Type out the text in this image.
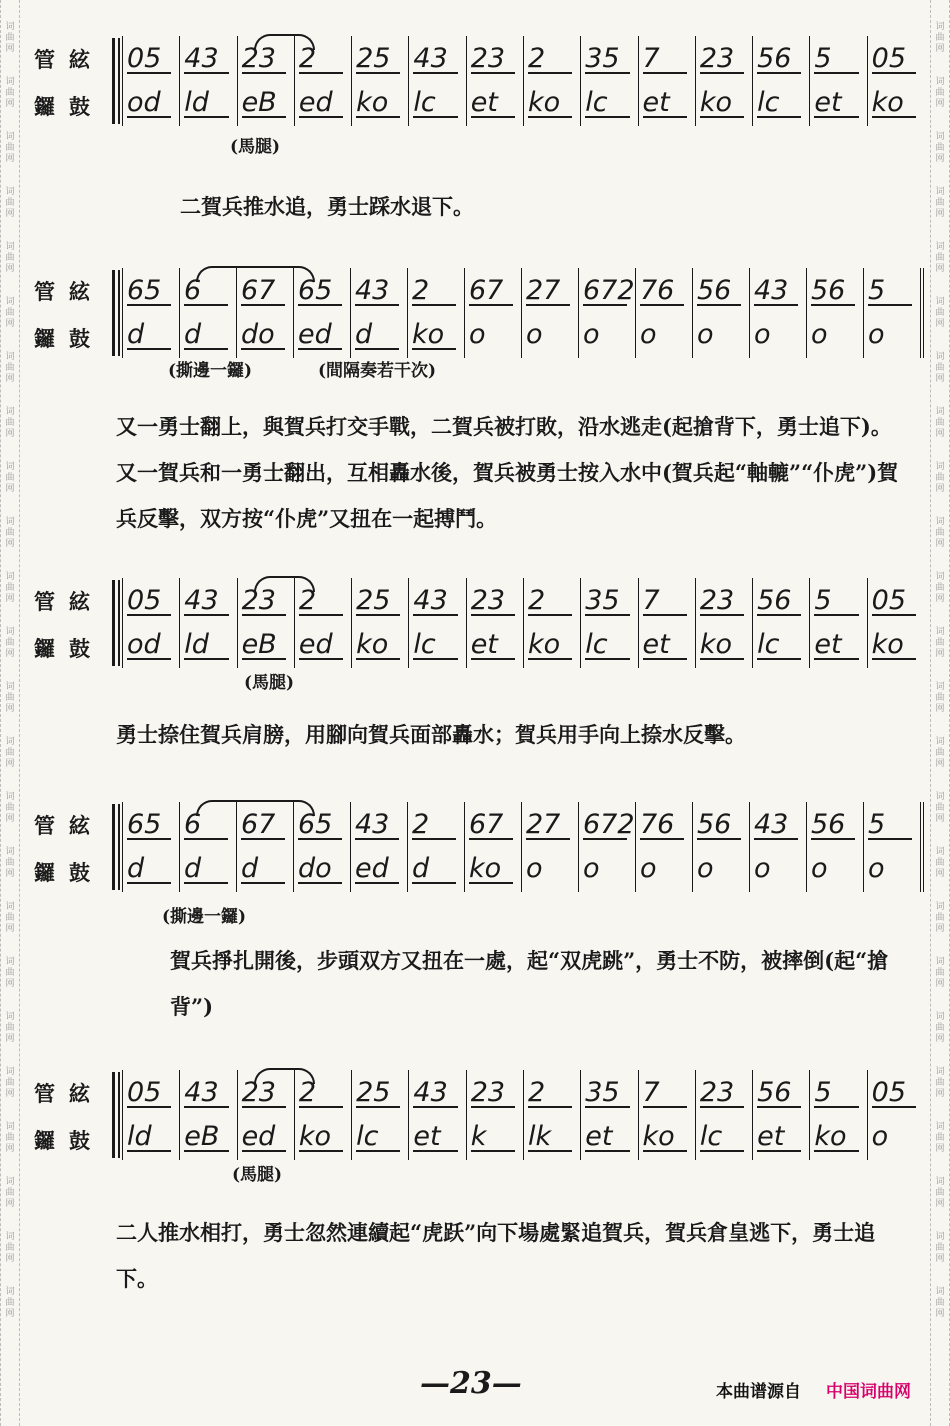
词
曲
网
词
曲
网
词
曲
网
词
曲
网
词
曲
网
词
曲
网
词
曲
网
词
曲
网
词
曲
网
词
曲
网
词
曲
网
词
曲
网
词
曲
网
词
曲
网
词
曲
网
词
曲
网
词
曲
网
词
曲
网
词
曲
网
词
曲
网
词
曲
网
词
曲
网
词
曲
网
词
曲
网
词
曲
网
词
曲
网
词
曲
网
词
曲
网
词
曲
网
词
曲
网
词
曲
网
词
曲
网
词
曲
网
词
曲
网
词
曲
网
词
曲
网
词
曲
网
词
曲
网
词
曲
网
词
曲
网
词
曲
网
词
曲
网
词
曲
网
词
曲
网
词
曲
网
词
曲
网
词
曲
网
词
曲
网
管絃
鑼鼓
05
od
43
ld
23
eB
2
ed
25
ko
43
lc
23
et
2
ko
35
lc
7
et
23
ko
56
lc
5
et
05
ko
(馬腿)
二賀兵推水追，勇士踩水退下。
管絃
鑼鼓
65
d
6
d
67
do
65
ed
43
d
2
ko
67
o
27
o
672
o
76
o
56
o
43
o
56
o
5
o
(撕邊一鑼)	(間隔奏若干次)
又一勇士翻上，與賀兵打交手戰，二賀兵被打敗，沿水逃走(起搶背下，勇士追下)。又一賀兵和一勇士翻出，互相轟水後，賀兵被勇士按入水中(賀兵起“軸轆”“仆虎”)賀兵反擊，双方按“仆虎”又扭在一起搏鬥。
管絃
鑼鼓
05
od
43
ld
23
eB
2
ed
25
ko
43
lc
23
et
2
ko
35
lc
7
et
23
ko
56
lc
5
et
05
ko
(馬腿)
勇士捺住賀兵肩膀，用腳向賀兵面部轟水；賀兵用手向上捺水反擊。
管絃
鑼鼓
65
d
6
d
67
d
65
do
43
ed
2
d
67
ko
27
o
672
o
76
o
56
o
43
o
56
o
5
o
(撕邊一鑼)
賀兵掙扎開後，步頭双方又扭在一處，起“双虎跳”，勇士不防，被摔倒(起“搶背”)
管絃
鑼鼓
05
ld
43
eB
23
ed
2
ko
25
lc
43
et
23
k
2
lk
35
et
7
ko
23
lc
56
et
5
ko
05
o
(馬腿)
二人推水相打，勇士忽然連續起“虎跃”向下場處緊追賀兵，賀兵倉皇逃下，勇士追下。
—23—	本曲谱源自 中国词曲网
